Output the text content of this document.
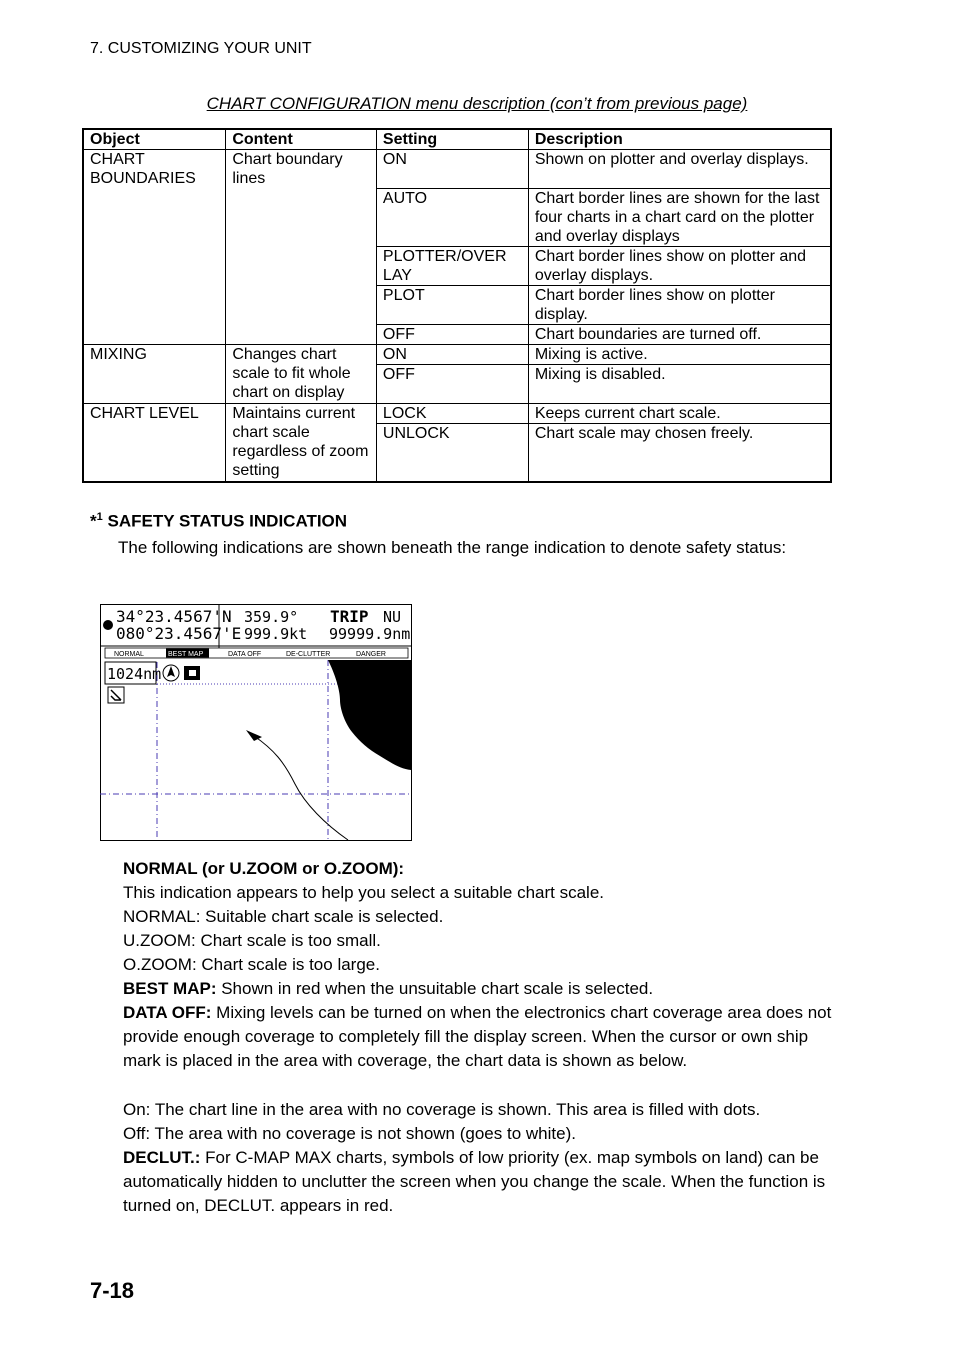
7. CUSTOMIZING YOUR UNIT
CHART CONFIGURATION menu description (con’t from previous page)
Object	Content	Setting	Description
CHART BOUNDARIES	Chart boundary lines	ON	Shown on plotter and overlay displays.
		AUTO	Chart border lines are shown for the last four charts in a chart card on the plotter and overlay displays
		PLOTTER/OVER LAY	Chart border lines show on plotter and overlay displays.
		PLOT	Chart border lines show on plotter display.
		OFF	Chart boundaries are turned off.
MIXING	Changes chart scale to fit whole chart on display	ON	Mixing is active.
		OFF	Mixing is disabled.
CHART LEVEL	Maintains current chart scale regardless of zoom setting	LOCK	Keeps current chart scale.
		UNLOCK	Chart scale may chosen freely.
*$^1$ SAFETY STATUS INDICATION
The following indications are shown beneath the range indication to denote safety status:
34°23.4567'N
080°23.4567'E
359.9°
999.9kt
TRIP NU
99999.9nm
NORMAL	BEST MAP	DATA OFF	DE-CLUTTER	DANGER
1024nm
NORMAL (or U.ZOOM or O.ZOOM):
This indication appears to help you select a suitable chart scale.
NORMAL: Suitable chart scale is selected.
U.ZOOM: Chart scale is too small.
O.ZOOM: Chart scale is too large.
BEST MAP: Shown in red when the unsuitable chart scale is selected.
DATA OFF: Mixing levels can be turned on when the electronics chart coverage area does not provide enough coverage to completely fill the display screen. When the cursor or own ship mark is placed in the area with coverage, the chart data is shown as below.
On: The chart line in the area with no coverage is shown. This area is filled with dots.
Off: The area with no coverage is not shown (goes to white).
DECLUT.: For C-MAP MAX charts, symbols of low priority (ex. map symbols on land) can be automatically hidden to unclutter the screen when you change the scale. When the function is turned on, DECLUT. appears in red.
7-18
